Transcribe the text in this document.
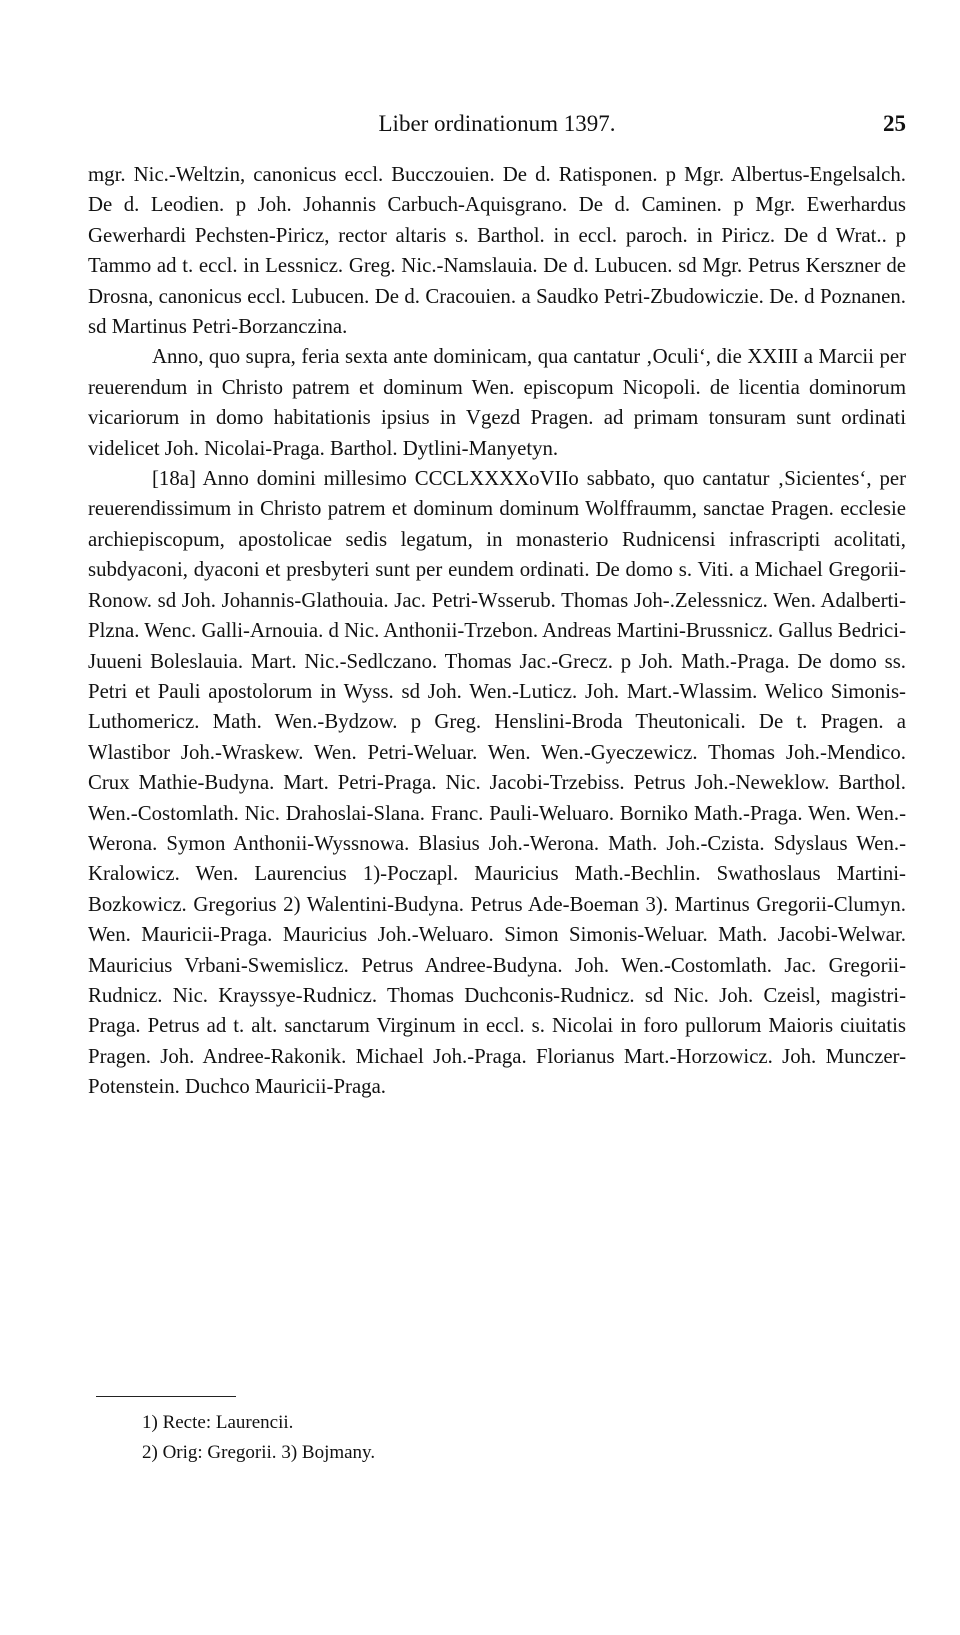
Liber ordinationum 1397.	25

mgr. Nic.-Weltzin, canonicus eccl. Bucczouien. De d. Ratisponen. p Mgr. Albertus-Engelsalch. De d. Leodien. p Joh. Johannis Carbuch-Aquisgrano. De d. Caminen. p Mgr. Ewerhardus Gewerhardi Pechsten-Piricz, rector altaris s. Barthol. in eccl. paroch. in Piricz. De d Wrat.. p Tammo ad t. eccl. in Lessnicz. Greg. Nic.-Namslauia. De d. Lubucen. sd Mgr. Petrus Kerszner de Drosna, canonicus eccl. Lubucen. De d. Cracouien. a Saudko Petri-Zbudowiczie. De. d Poznanen. sd Martinus Petri-Borzanczina.

Anno, quo supra, feria sexta ante dominicam, qua cantatur ‚Oculi‘, die XXIII a Marcii per reuerendum in Christo patrem et dominum Wen. episcopum Nicopoli. de licentia dominorum vicariorum in domo habitationis ipsius in Vgezd Pragen. ad primam tonsuram sunt ordinati videlicet Joh. Nicolai-Praga. Barthol. Dytlini-Manyetyn.

[18a] Anno domini millesimo CCCLXXXXoVIIo sabbato, quo cantatur ‚Sicientes‘, per reuerendissimum in Christo patrem et dominum dominum Wolffraumm, sanctae Pragen. ecclesie archiepiscopum, apostolicae sedis legatum, in monasterio Rudnicensi infrascripti acolitati, subdyaconi, dyaconi et presbyteri sunt per eundem ordinati. De domo s. Viti. a Michael Gregorii-Ronow. sd Joh. Johannis-Glathouia. Jac. Petri-Wsserub. Thomas Joh-.Zelessnicz. Wen. Adalberti-Plzna. Wenc. Galli-Arnouia. d Nic. Anthonii-Trzebon. Andreas Martini-Brussnicz. Gallus Bedrici-Juueni Boleslauia. Mart. Nic.-Sedlczano. Thomas Jac.-Grecz. p Joh. Math.-Praga. De domo ss. Petri et Pauli apostolorum in Wyss. sd Joh. Wen.-Luticz. Joh. Mart.-Wlassim. Welico Simonis-Luthomericz. Math. Wen.-Bydzow. p Greg. Henslini-Broda Theutonicali. De t. Pragen. a Wlastibor Joh.-Wraskew. Wen. Petri-Weluar. Wen. Wen.-Gyeczewicz. Thomas Joh.-Mendico. Crux Mathie-Budyna. Mart. Petri-Praga. Nic. Jacobi-Trzebiss. Petrus Joh.-Neweklow. Barthol. Wen.-Costomlath. Nic. Drahoslai-Slana. Franc. Pauli-Weluaro. Borniko Math.-Praga. Wen. Wen.-Werona. Symon Anthonii-Wyssnowa. Blasius Joh.-Werona. Math. Joh.-Czista. Sdyslaus Wen.-Kralowicz. Wen. Laurencius 1)-Poczapl. Mauricius Math.-Bechlin. Swathoslaus Martini-Bozkowicz. Gregorius 2) Walentini-Budyna. Petrus Ade-Boeman 3). Martinus Gregorii-Clumyn. Wen. Mauricii-Praga. Mauricius Joh.-Weluaro. Simon Simonis-Weluar. Math. Jacobi-Welwar. Mauricius Vrbani-Swemislicz. Petrus Andree-Budyna. Joh. Wen.-Costomlath. Jac. Gregorii-Rudnicz. Nic. Krayssye-Rudnicz. Thomas Duchconis-Rudnicz. sd Nic. Joh. Czeisl, magistri-Praga. Petrus ad t. alt. sanctarum Virginum in eccl. s. Nicolai in foro pullorum Maioris ciuitatis Pragen. Joh. Andree-Rakonik. Michael Joh.-Praga. Florianus Mart.-Horzowicz. Joh. Munczer-Potenstein. Duchco Mauricii-Praga.

1) Recte: Laurencii.
2) Orig: Gregorii. 3) Bojmany.
